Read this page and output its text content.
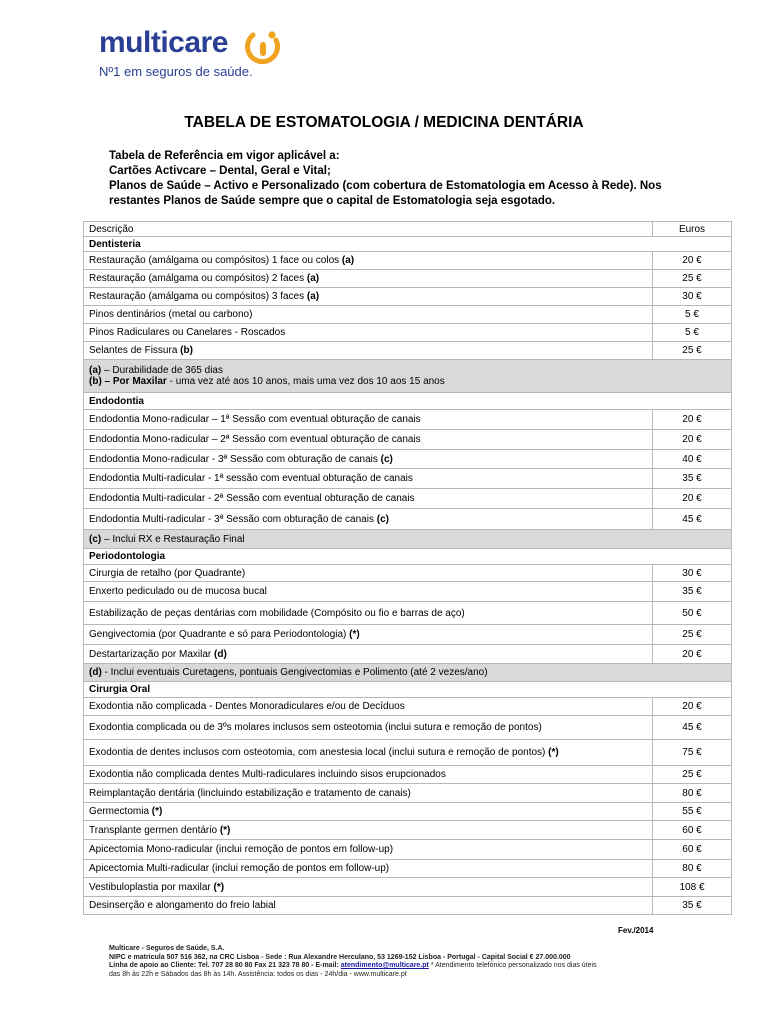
multicare
Nº1 em seguros de saúde.
TABELA DE ESTOMATOLOGIA / MEDICINA DENTÁRIA
Tabela de Referência em vigor aplicável a:
Cartões Activcare – Dental, Geral e Vital;
Planos de Saúde – Activo e Personalizado (com cobertura de Estomatologia em Acesso à Rede). Nos
restantes Planos de Saúde sempre que o capital de Estomatologia seja esgotado.
Descrição	Euros
Dentisteria	
Restauração (amálgama ou compósitos) 1 face ou colos (a)	20 €
Restauração (amálgama ou compósitos) 2 faces (a)	25 €
Restauração (amálgama ou compósitos) 3 faces (a)	30 €
Pinos dentinários (metal ou carbono)	5 €
Pinos Radiculares ou Canelares - Roscados	5 €
Selantes de Fissura (b)	25 €

(a) – Durabilidade de 365 dias
(b) – Por Maxilar - uma vez até aos 10 anos, mais uma vez dos 10 aos 15 anos	

Endodontia	
Endodontia Mono-radicular – 1ª Sessão com eventual obturação de canais	20 €
Endodontia Mono-radicular – 2ª Sessão com eventual obturação de canais	20 €
Endodontia Mono-radicular - 3ª Sessão com obturação de canais (c)	40 €
Endodontia Multi-radicular - 1ª sessão com eventual obturação de canais	35 €
Endodontia Multi-radicular - 2ª Sessão com eventual obturação de canais	20 €
Endodontia Multi-radicular - 3ª Sessão com obturação de canais (c)	45 €

(c) – Inclui RX e Restauração Final	

Periodontologia	
Cirurgia de retalho (por Quadrante)	30 €
Enxerto pediculado ou de mucosa bucal	35 €
Estabilização de peças dentárias com mobilidade (Compósito ou fio e barras de aço)	50 €
Gengivectomia (por Quadrante e só para Periodontologia) (*)	25 €
Destartarização por Maxilar (d)	20 €

(d) - Inclui eventuais Curetagens, pontuais Gengivectomias e Polimento (até 2 vezes/ano)	

Cirurgia Oral	
Exodontia não complicada - Dentes Monoradiculares e/ou de Decíduos	20 €
Exodontia complicada ou de 3ºs molares inclusos sem osteotomia (inclui sutura e remoção de pontos)	45 €
Exodontia de dentes inclusos com osteotomia, com anestesia local (inclui sutura e remoção de pontos) (*)	75 €
Exodontia não complicada dentes Multi-radiculares incluindo sisos erupcionados	25 €
Reimplantação dentária (lincluindo estabilização e tratamento de canais)	80 €
Germectomia (*)	55 €
Transplante germen dentário (*)	60 €
Apicectomia Mono-radicular (inclui remoção de pontos em follow-up)	60 €
Apicectomia Multi-radicular (inclui remoção de pontos em follow-up)	80 €
Vestibuloplastia por maxilar (*)	108 €
Desinserção e alongamento do freio labial	35 €
Fev./2014
Multicare - Seguros de Saúde, S.A.
NIPC e matrícula 507 516 362, na CRC Lisboa - Sede : Rua Alexandre Herculano, 53 1269-152 Lisboa - Portugal - Capital Social € 27.000.000
Linha de apoio ao Cliente: Tel. 707 28 80 80 Fax 21 323 78 80 - E-mail: atendimento@multicare.pt * Atendimento telefónico personalizado nos dias úteis
das 8h às 22h e Sábados das 8h às 14h. Assistência: todos os dias - 24h/dia - www.multicare.pt
